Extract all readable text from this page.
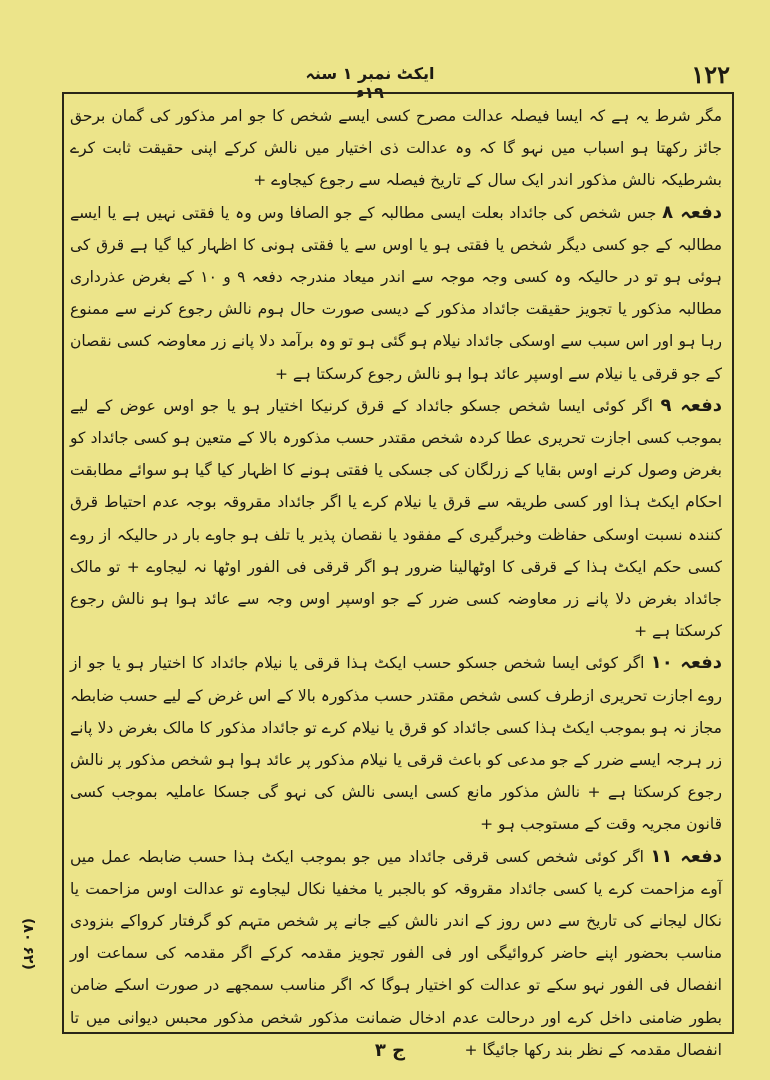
۱۲۲
ایکٹ نمبر ۱ سنہ ۱۹ء

مگر شرط یہ ہے کہ ایسا فیصلہ عدالت مصرح کسی ایسے شخص کا جو امر مذکور کی گمان برحق جائز رکھتا ہو اسباب میں نہو گا کہ وہ عدالت ذی اختیار میں نالش کرکے اپنی حقیقت ثابت کرے بشرطیکہ نالش مذکور اندر ایک سال کے تاریخ فیصلہ سے رجوع کیجاوے +

دفعہ ۸ جس شخص کی جائداد بعلت ایسی مطالبہ کے جو الصافا وس وہ یا فقتی نہیں ہے یا ایسے مطالبہ کے جو کسی دیگر شخص یا فقتی ہو یا اوس سے یا فقتی ہونی کا اظہار کیا گیا ہے قرق کی ہوئی ہو تو در حالیکہ وہ کسی وجہ موجہ سے اندر میعاد مندرجہ دفعہ ۹ و ۱۰ کے بغرض عذرداری مطالبہ مذکور یا تجویز حقیقت جائداد مذکور کے دیسی صورت حال ہوم نالش رجوع کرنے سے ممنوع رہا ہو اور اس سبب سے اوسکی جائداد نیلام ہو گئی ہو تو وہ برآمد دلا پانے زر معاوضہ کسی نقصان کے جو قرقی یا نیلام سے اوسپر عائد ہوا ہو نالش رجوع کرسکتا ہے +

دفعہ ۹ اگر کوئی ایسا شخص جسکو جائداد کے قرق کرنیکا اختیار ہو یا جو اوس عوض کے لیے بموجب کسی اجازت تحریری عطا کردہ شخص مقتدر حسب مذکورہ بالا کے متعین ہو کسی جائداد کو بغرض وصول کرنے اوس بقایا کے زرلگان کی جسکی یا فقتی ہونے کا اظہار کیا گیا ہو سوائے مطابقت احکام ایکٹ ہذا اور کسی طریقہ سے قرق یا نیلام کرے یا اگر جائداد مقروقہ بوجہ عدم احتیاط قرق کنندہ نسبت اوسکی حفاظت وخبرگیری کے مفقود یا نقصان پذیر یا تلف ہو جاوے بار در حالیکہ از روے کسی حکم ایکٹ ہذا کے قرقی کا اوٹھالینا ضرور ہو اگر قرقی فی الفور اوٹھا نہ لیجاوے + تو مالک جائداد بغرض دلا پانے زر معاوضہ کسی ضرر کے جو اوسپر اوس وجہ سے عائد ہوا ہو نالش رجوع کرسکتا ہے +

دفعہ ۱۰ اگر کوئی ایسا شخص جسکو حسب ایکٹ ہذا قرقی یا نیلام جائداد کا اختیار ہو یا جو از روے اجازت تحریری ازطرف کسی شخص مقتدر حسب مذکورہ بالا کے اس غرض کے لیے حسب ضابطہ مجاز نہ ہو بموجب ایکٹ ہذا کسی جائداد کو قرق یا نیلام کرے تو جائداد مذکور کا مالک بغرض دلا پانے زر ہرجہ ایسے ضرر کے جو مدعی کو باعث قرقی یا نیلام مذکور پر عائد ہوا ہو شخص مذکور پر نالش رجوع کرسکتا ہے + نالش مذکور مانع کسی ایسی نالش کی نہو گی جسکا عاملیہ بموجب کسی قانون مجریہ وقت کے مستوجب ہو +

دفعہ ۱۱ اگر کوئی شخص کسی قرقی جائداد میں جو بموجب ایکٹ ہذا حسب ضابطہ عمل میں آوے مزاحمت کرے یا کسی جائداد مقروقہ کو بالجبر یا مخفیا نکال لیجاوے تو عدالت اوس مزاحمت یا نکال لیجانے کی تاریخ سے دس روز کے اندر نالش کیے جانے پر شخص متہم کو گرفتار کرواکے بنزودی مناسب بحضور اپنے حاضر کروائیگی اور فی الفور تجویز مقدمہ کرکے اگر مقدمہ کی سماعت اور انفصال فی الفور نہو سکے تو عدالت کو اختیار ہوگا کہ اگر مناسب سمجھے در صورت اسکے ضامن بطور ضامنی داخل کرے اور درحالت عدم ادخال ضمانت مذکور شخص مذکور محبس دیوانی میں تا انفصال مقدمہ کے نظر بند رکھا جائیگا +

(۸۰ ۶۲)
۳ ج
